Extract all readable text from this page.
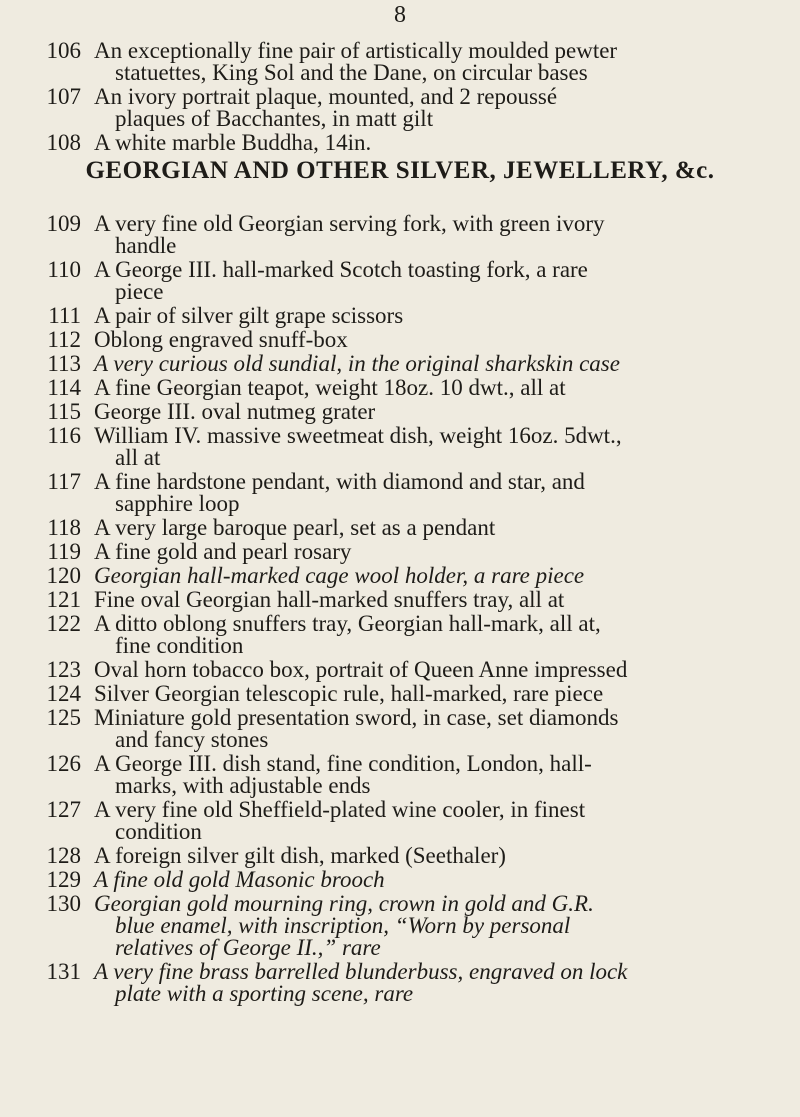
8
106 An exceptionally fine pair of artistically moulded pewter
statuettes, King Sol and the Dane, on circular bases
107 An ivory portrait plaque, mounted, and 2 repoussé
plaques of Bacchantes, in matt gilt
108 A white marble Buddha, 14in.
GEORGIAN AND OTHER SILVER, JEWELLERY, &c.
109 A very fine old Georgian serving fork, with green ivory
handle
110 A George III. hall-marked Scotch toasting fork, a rare
piece
111 A pair of silver gilt grape scissors
112 Oblong engraved snuff-box
113 A very curious old sundial, in the original sharkskin case
114 A fine Georgian teapot, weight 18oz. 10 dwt., all at
115 George III. oval nutmeg grater
116 William IV. massive sweetmeat dish, weight 16oz. 5dwt.,
all at
117 A fine hardstone pendant, with diamond and star, and
sapphire loop
118 A very large baroque pearl, set as a pendant
119 A fine gold and pearl rosary
120 Georgian hall-marked cage wool holder, a rare piece
121 Fine oval Georgian hall-marked snuffers tray, all at
122 A ditto oblong snuffers tray, Georgian hall-mark, all at,
fine condition
123 Oval horn tobacco box, portrait of Queen Anne impressed
124 Silver Georgian telescopic rule, hall-marked, rare piece
125 Miniature gold presentation sword, in case, set diamonds
and fancy stones
126 A George III. dish stand, fine condition, London, hall-
marks, with adjustable ends
127 A very fine old Sheffield-plated wine cooler, in finest
condition
128 A foreign silver gilt dish, marked (Seethaler)
129 A fine old gold Masonic brooch
130 Georgian gold mourning ring, crown in gold and G.R.
blue enamel, with inscription, “Worn by personal
relatives of George II.,” rare
131 A very fine brass barrelled blunderbuss, engraved on lock
plate with a sporting scene, rare
